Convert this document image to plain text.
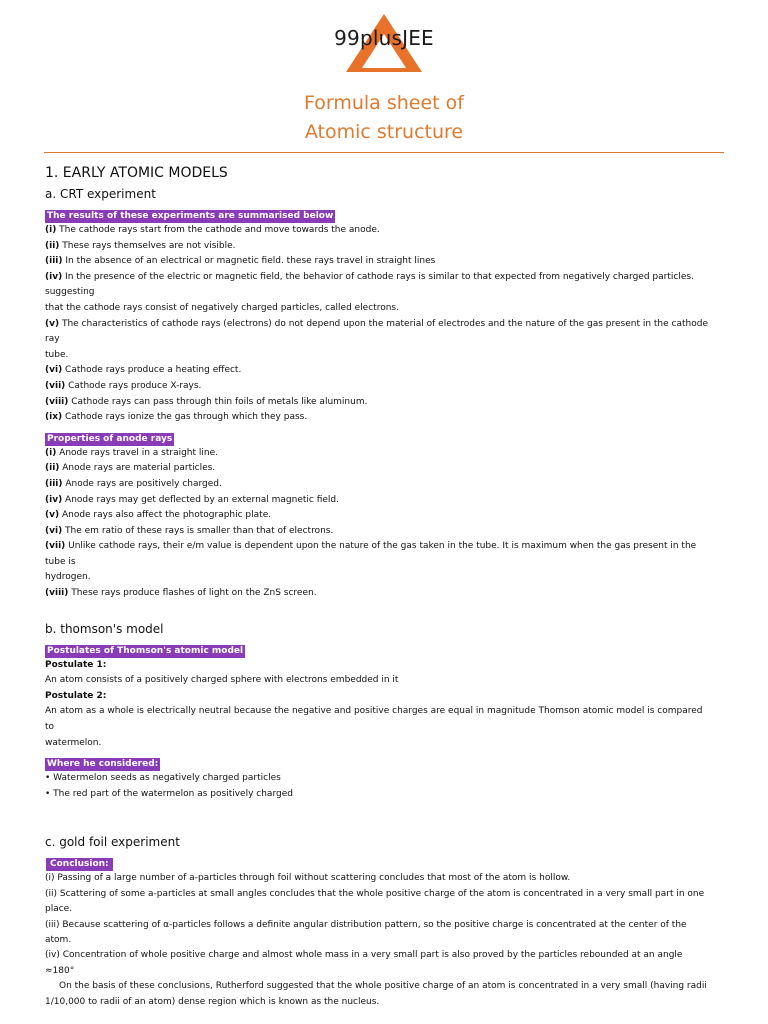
99plusJEE
Formula sheet of
Atomic structure
1. EARLY ATOMIC MODELS
a. CRT experiment
The results of these experiments are summarised below
(i) The cathode rays start from the cathode and move towards the anode.
(ii) These rays themselves are not visible.
(iii) In the absence of an electrical or magnetic field. these rays travel in straight lines
(iv) In the presence of the electric or magnetic field, the behavior of cathode rays is similar to that expected from negatively charged particles. suggesting
that the cathode rays consist of negatively charged particles, called electrons.
(v) The characteristics of cathode rays (electrons) do not depend upon the material of electrodes and the nature of the gas present in the cathode ray
tube.
(vi) Cathode rays produce a heating effect.
(vii) Cathode rays produce X-rays.
(viii) Cathode rays can pass through thin foils of metals like aluminum.
(ix) Cathode rays ionize the gas through which they pass.
Properties of anode rays
(i) Anode rays travel in a straight line.
(ii) Anode rays are material particles.
(iii) Anode rays are positively charged.
(iv) Anode rays may get deflected by an external magnetic field.
(v) Anode rays also affect the photographic plate.
(vi) The em ratio of these rays is smaller than that of electrons.
(vii) Unlike cathode rays, their e/m value is dependent upon the nature of the gas taken in the tube. It is maximum when the gas present in the tube is
hydrogen.
(viii) These rays produce flashes of light on the ZnS screen.
b. thomson's model
Postulates of Thomson's atomic model
Postulate 1:
An atom consists of a positively charged sphere with electrons embedded in it
Postulate 2:
An atom as a whole is electrically neutral because the negative and positive charges are equal in magnitude Thomson atomic model is compared to
watermelon.
Where he considered:
• Watermelon seeds as negatively charged particles
• The red part of the watermelon as positively charged
c. gold foil experiment
Conclusion:
(i) Passing of a large number of a-particles through foil without scattering concludes that most of the atom is hollow.
(ii) Scattering of some a-particles at small angles concludes that the whole positive charge of the atom is concentrated in a very small part in one place.
(iii) Because scattering of α-particles follows a definite angular distribution pattern, so the positive charge is concentrated at the center of the atom.
(iv) Concentration of whole positive charge and almost whole mass in a very small part is also proved by the particles rebounded at an angle ≈180°
On the basis of these conclusions, Rutherford suggested that the whole positive charge of an atom is concentrated in a very small (having radii
1/10,000 to radii of an atom) dense region which is known as the nucleus.
